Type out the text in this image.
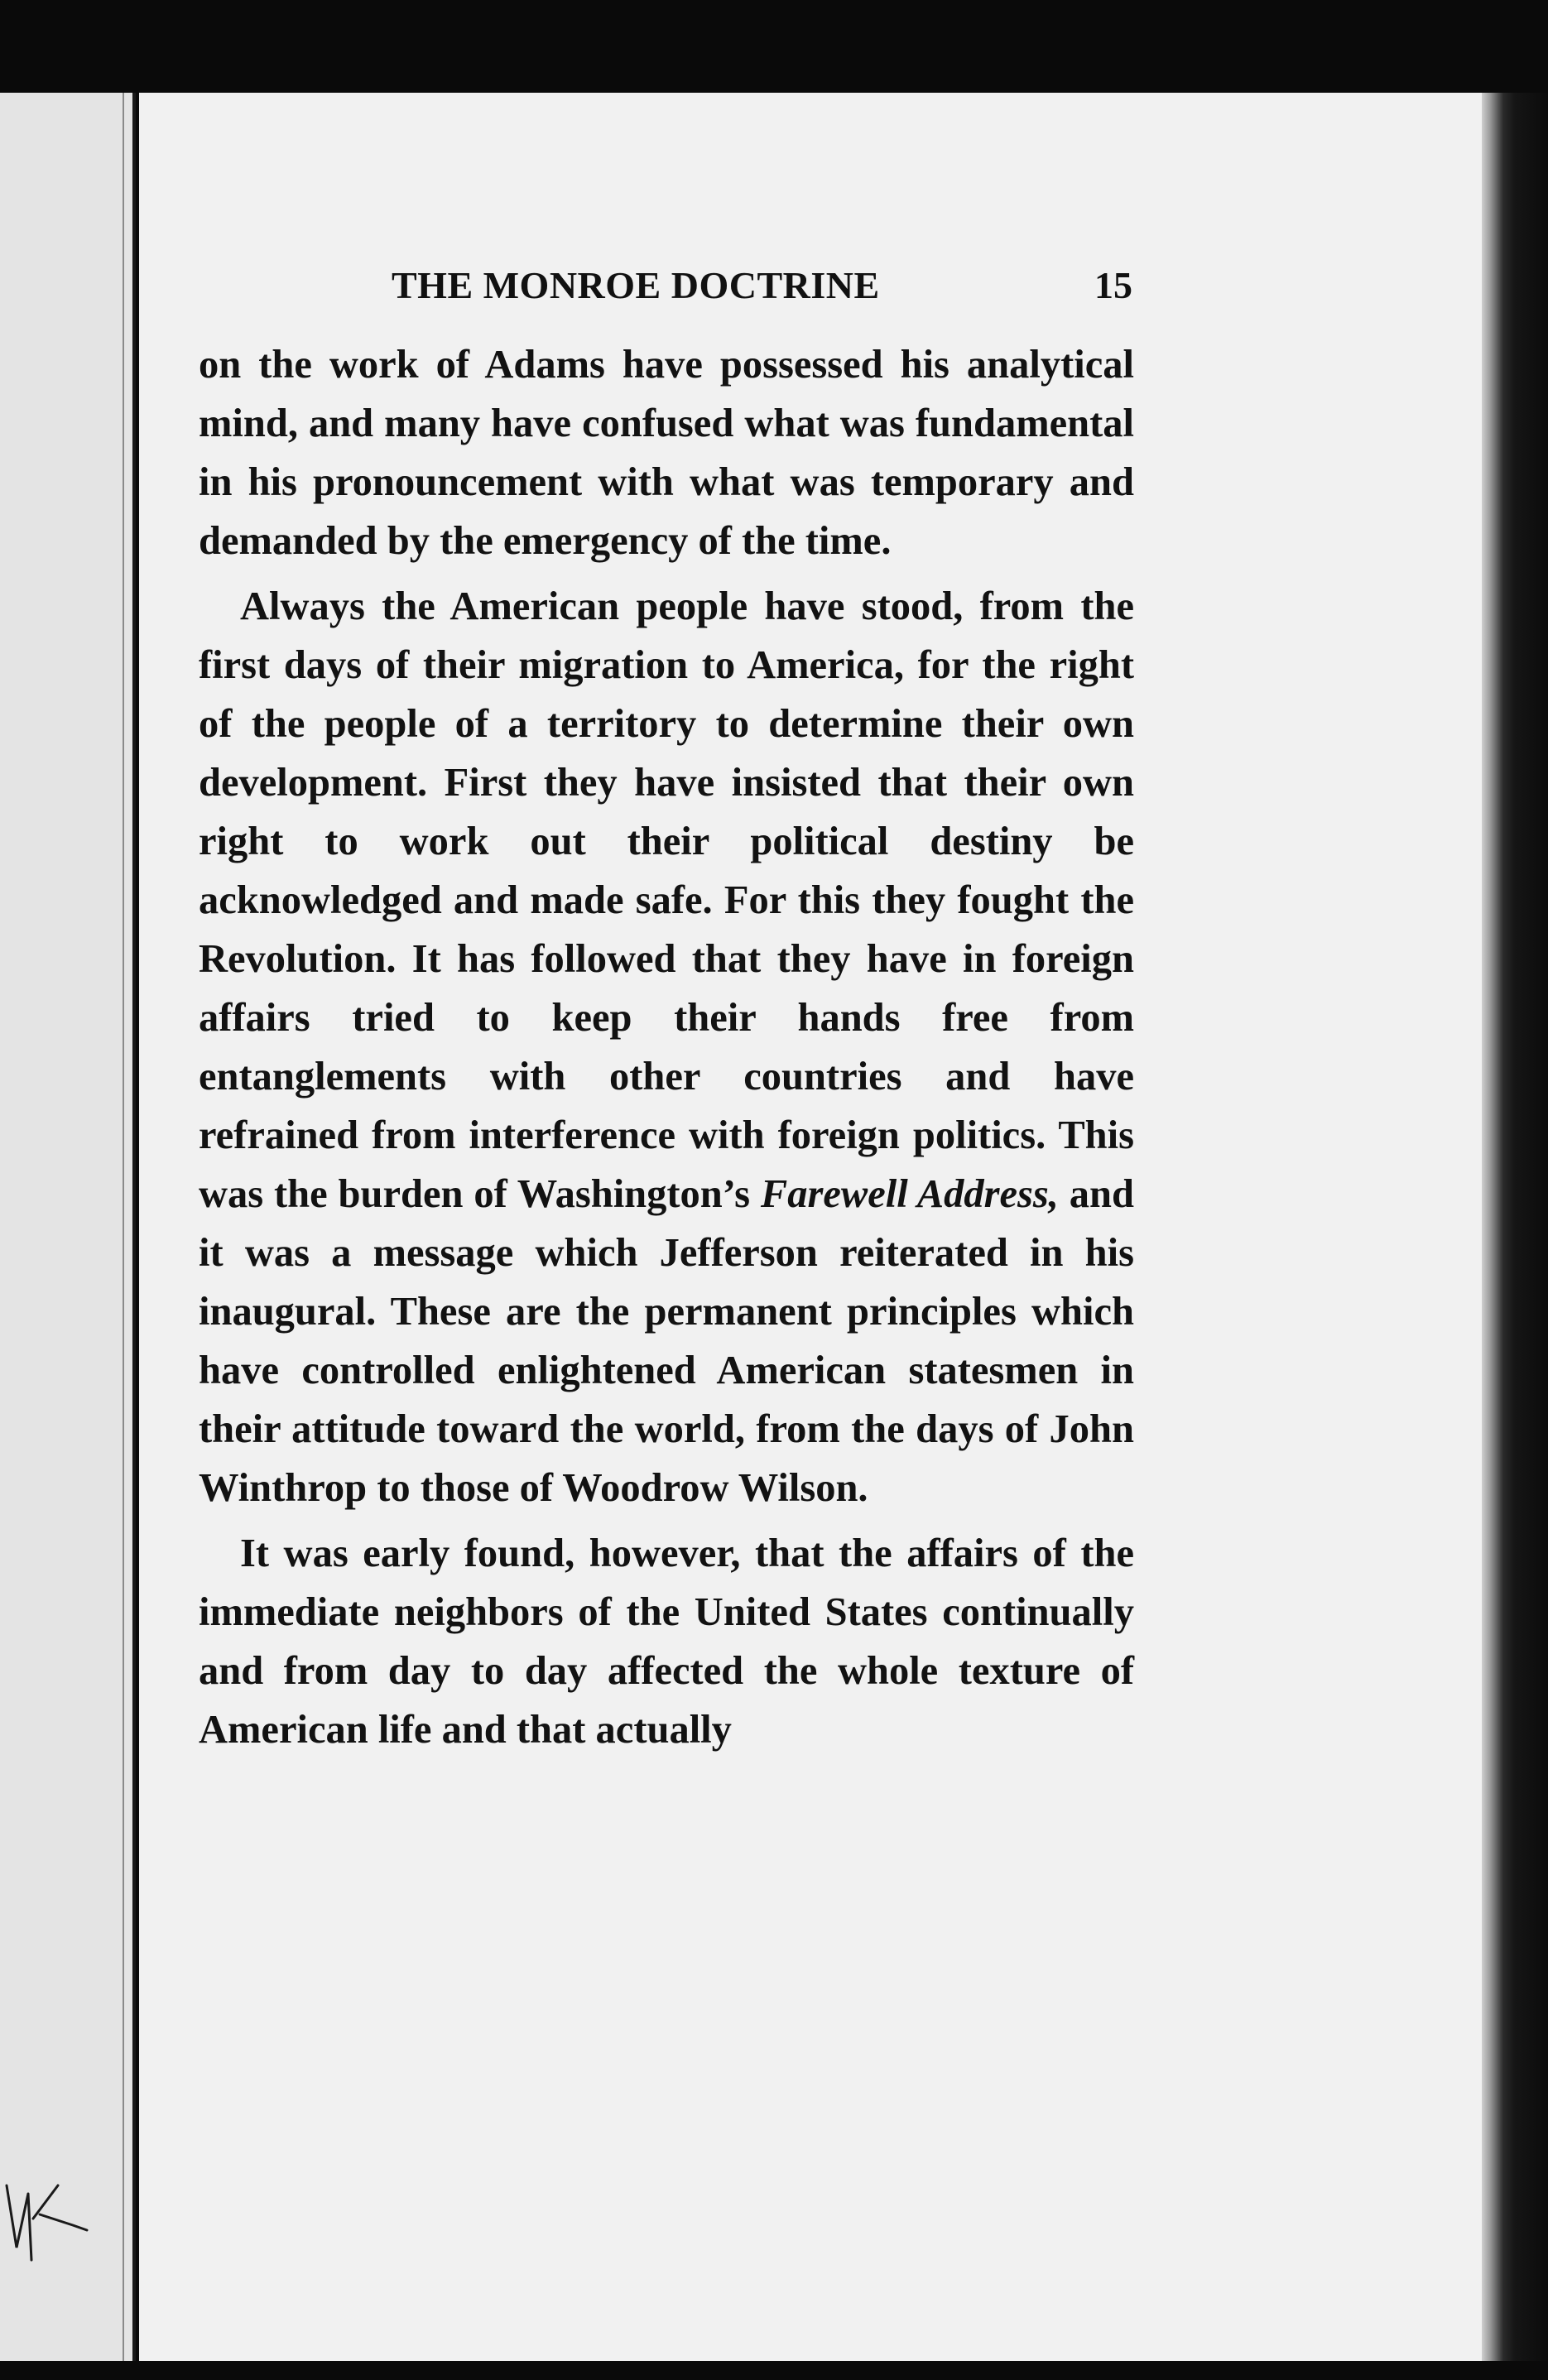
THE MONROE DOCTRINE	15

on the work of Adams have possessed his analytical mind, and many have confused what was fundamental in his pronouncement with what was temporary and demanded by the emergency of the time.

Always the American people have stood, from the first days of their migration to America, for the right of the people of a territory to determine their own development. First they have insisted that their own right to work out their political destiny be acknowledged and made safe. For this they fought the Revolution. It has followed that they have in foreign affairs tried to keep their hands free from entanglements with other countries and have refrained from interference with foreign politics. This was the burden of Washington’s Farewell Address, and it was a message which Jefferson reiterated in his inaugural. These are the permanent principles which have controlled enlightened American statesmen in their attitude toward the world, from the days of John Winthrop to those of Woodrow Wilson.

It was early found, however, that the affairs of the immediate neighbors of the United States continually and from day to day affected the whole texture of American life and that actually
